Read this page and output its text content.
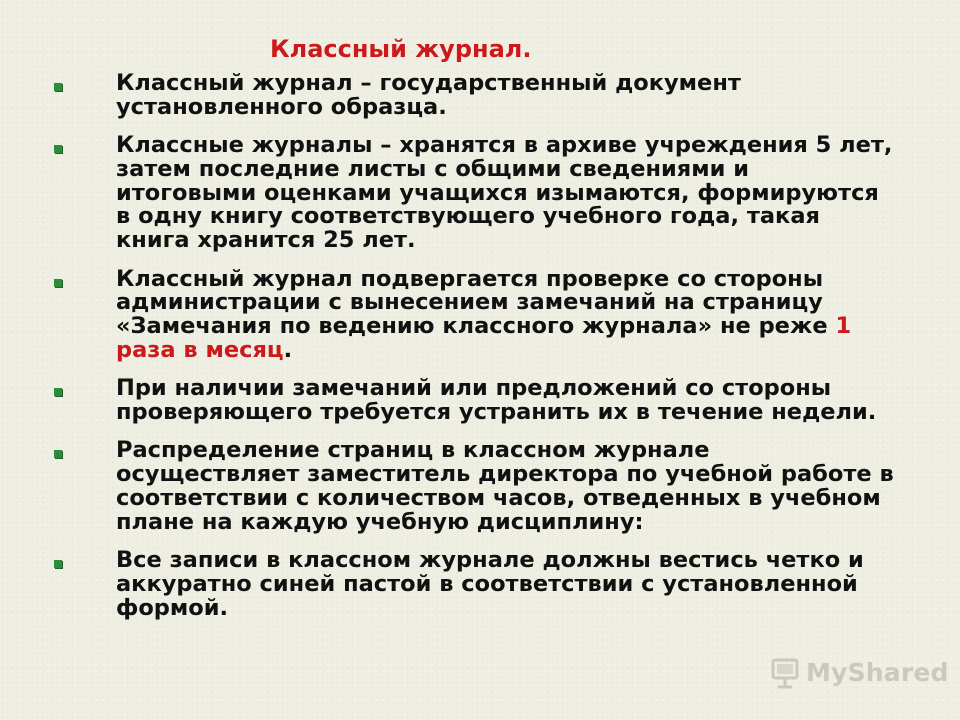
Классный журнал.
Классный журнал – государственный документ установленного образца.
Классные журналы – хранятся в архиве учреждения 5 лет, затем последние листы с общими сведениями и итоговыми оценками учащихся изымаются, формируются в одну книгу соответствующего учебного года, такая книга хранится 25 лет.
Классный журнал подвергается проверке со стороны администрации с вынесением замечаний на страницу «Замечания по ведению классного журнала» не реже 1 раза в месяц.
При наличии замечаний или предложений со стороны проверяющего требуется устранить их в течение недели.
Распределение страниц в классном журнале осуществляет заместитель директора по учебной работе в соответствии с количеством часов, отведенных в учебном плане на каждую учебную дисциплину:
Все записи в классном журнале должны вестись четко и аккуратно синей пастой в соответствии с установленной формой.
MyShared
